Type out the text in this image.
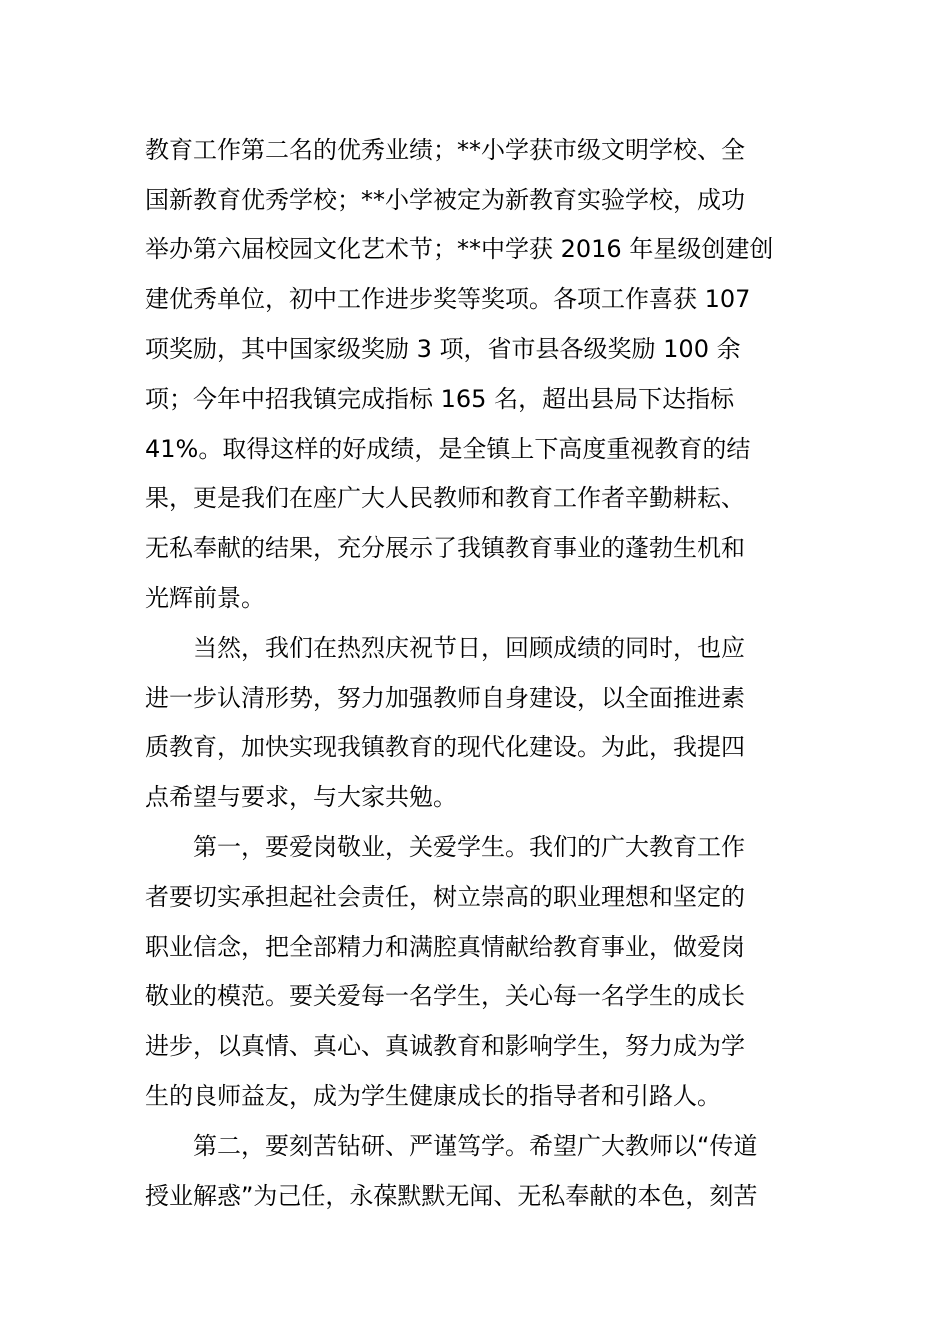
教育工作第二名的优秀业绩；**小学获市级文明学校、全
国新教育优秀学校；**小学被定为新教育实验学校，成功
举办第六届校园文化艺术节；**中学获 2016 年星级创建创
建优秀单位，初中工作进步奖等奖项。各项工作喜获 107
项奖励，其中国家级奖励 3 项，省市县各级奖励 100 余
项；今年中招我镇完成指标 165 名，超出县局下达指标
41%。取得这样的好成绩，是全镇上下高度重视教育的结
果，更是我们在座广大人民教师和教育工作者辛勤耕耘、
无私奉献的结果，充分展示了我镇教育事业的蓬勃生机和
光辉前景。
当然，我们在热烈庆祝节日，回顾成绩的同时，也应
进一步认清形势，努力加强教师自身建设，以全面推进素
质教育，加快实现我镇教育的现代化建设。为此，我提四
点希望与要求，与大家共勉。
第一，要爱岗敬业，关爱学生。我们的广大教育工作
者要切实承担起社会责任，树立崇高的职业理想和坚定的
职业信念，把全部精力和满腔真情献给教育事业，做爱岗
敬业的模范。要关爱每一名学生，关心每一名学生的成长
进步，以真情、真心、真诚教育和影响学生，努力成为学
生的良师益友，成为学生健康成长的指导者和引路人。
第二，要刻苦钻研、严谨笃学。希望广大教师以“传道
授业解惑”为己任，永葆默默无闻、无私奉献的本色，刻苦
